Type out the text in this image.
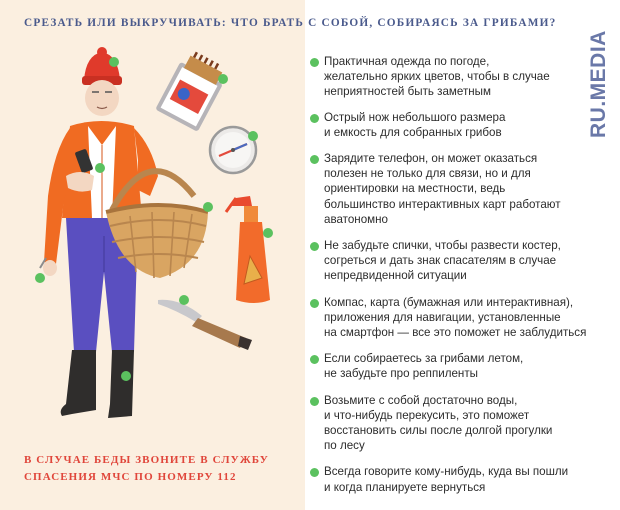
СРЕЗАТЬ ИЛИ ВЫКРУЧИВАТЬ: ЧТО БРАТЬ С СОБОЙ, СОБИРАЯСЬ ЗА ГРИБАМИ?
RU.MEDIA
В СЛУЧАЕ БЕДЫ ЗВОНИТЕ В СЛУЖБУ
СПАСЕНИЯ МЧС ПО НОМЕРУ 112
Практичная одежда по погоде,
желательно ярких цветов, чтобы в случае
неприятностей быть заметным
Острый нож небольшого размера
и емкость для собранных грибов
Зарядите телефон, он может оказаться
полезен не только для связи, но и для
ориентировки на местности, ведь
большинство интерактивных карт работают
аватономно
Не забудьте спички, чтобы развести костер,
согреться и дать знак спасателям в случае
непредвиденной ситуации
Компас, карта (бумажная или интерактивная),
приложения для навигации, установленные
на смартфон — все это поможет не заблудиться
Если собираетесь за грибами летом,
не забудьте про реппиленты
Возьмите с собой достаточно воды,
и что-нибудь перекусить, это поможет
восстановить силы после долгой прогулки
по лесу
Всегда говорите кому-нибудь, куда вы пошли
и когда планируете вернуться
